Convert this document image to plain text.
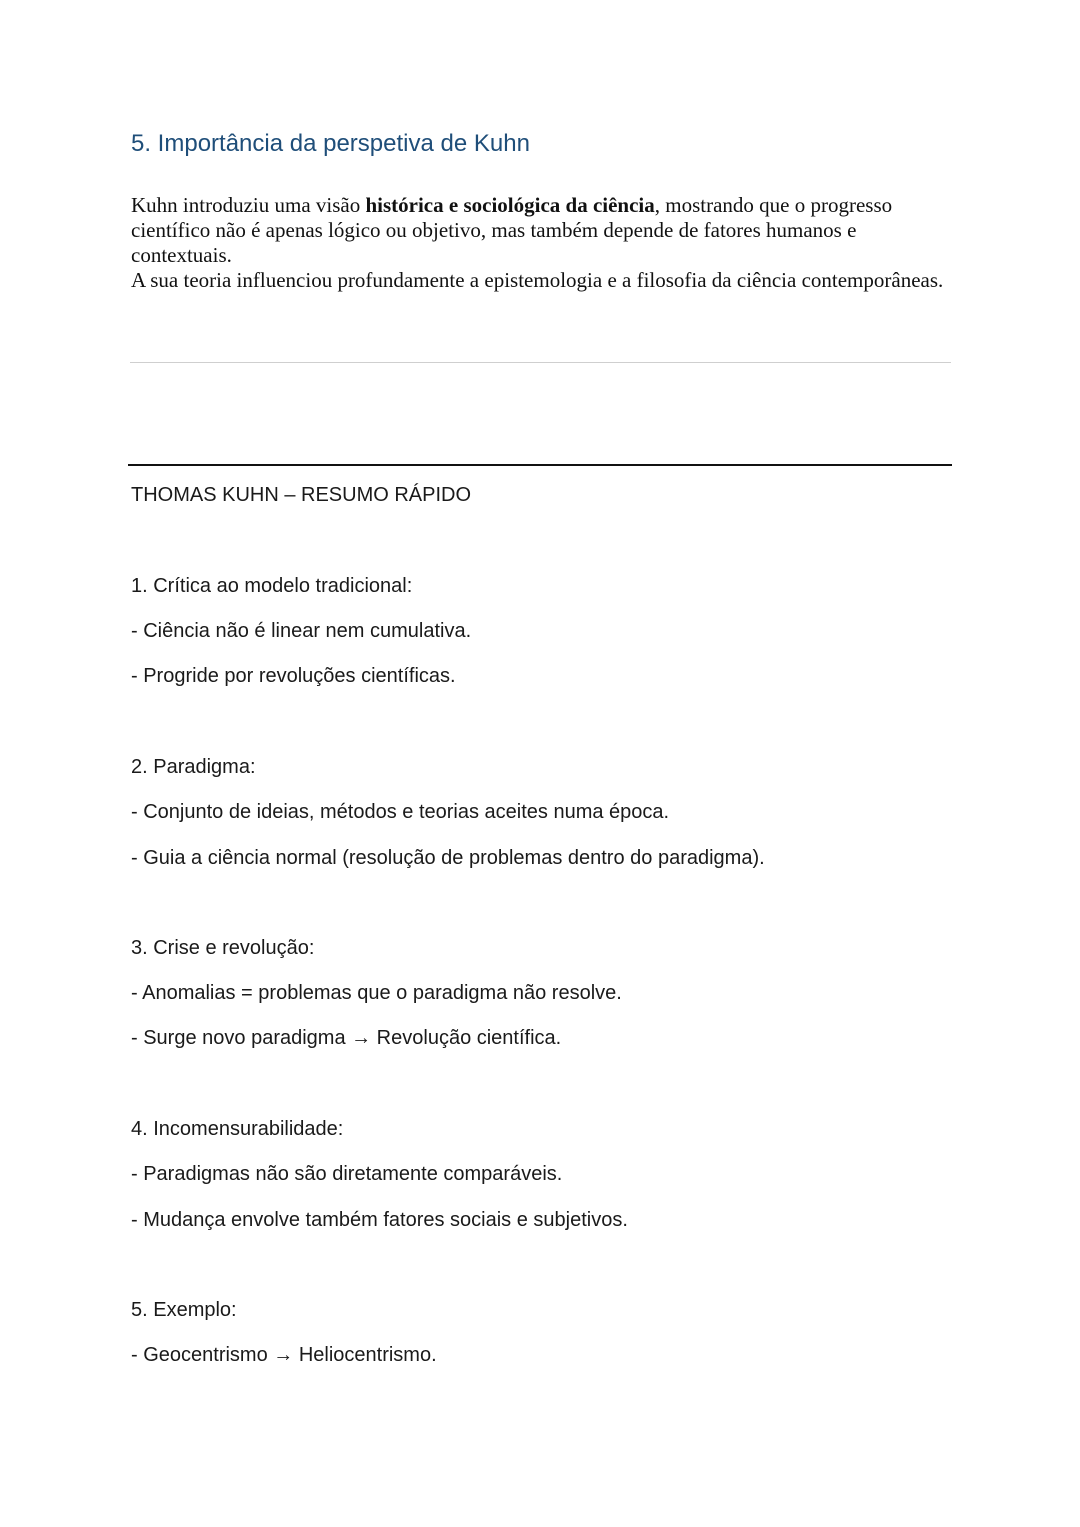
5. Importância da perspetiva de Kuhn

Kuhn introduziu uma visão histórica e sociológica da ciência, mostrando que o progresso científico não é apenas lógico ou objetivo, mas também depende de fatores humanos e contextuais.

A sua teoria influenciou profundamente a epistemologia e a filosofia da ciência contemporâneas.

THOMAS KUHN – RESUMO RÁPIDO

1. Crítica ao modelo tradicional:

- Ciência não é linear nem cumulativa.

- Progride por revoluções científicas.

2. Paradigma:

- Conjunto de ideias, métodos e teorias aceites numa época.

- Guia a ciência normal (resolução de problemas dentro do paradigma).

3. Crise e revolução:

- Anomalias = problemas que o paradigma não resolve.

- Surge novo paradigma → Revolução científica.

4. Incomensurabilidade:

- Paradigmas não são diretamente comparáveis.

- Mudança envolve também fatores sociais e subjetivos.

5. Exemplo:

- Geocentrismo → Heliocentrismo.
